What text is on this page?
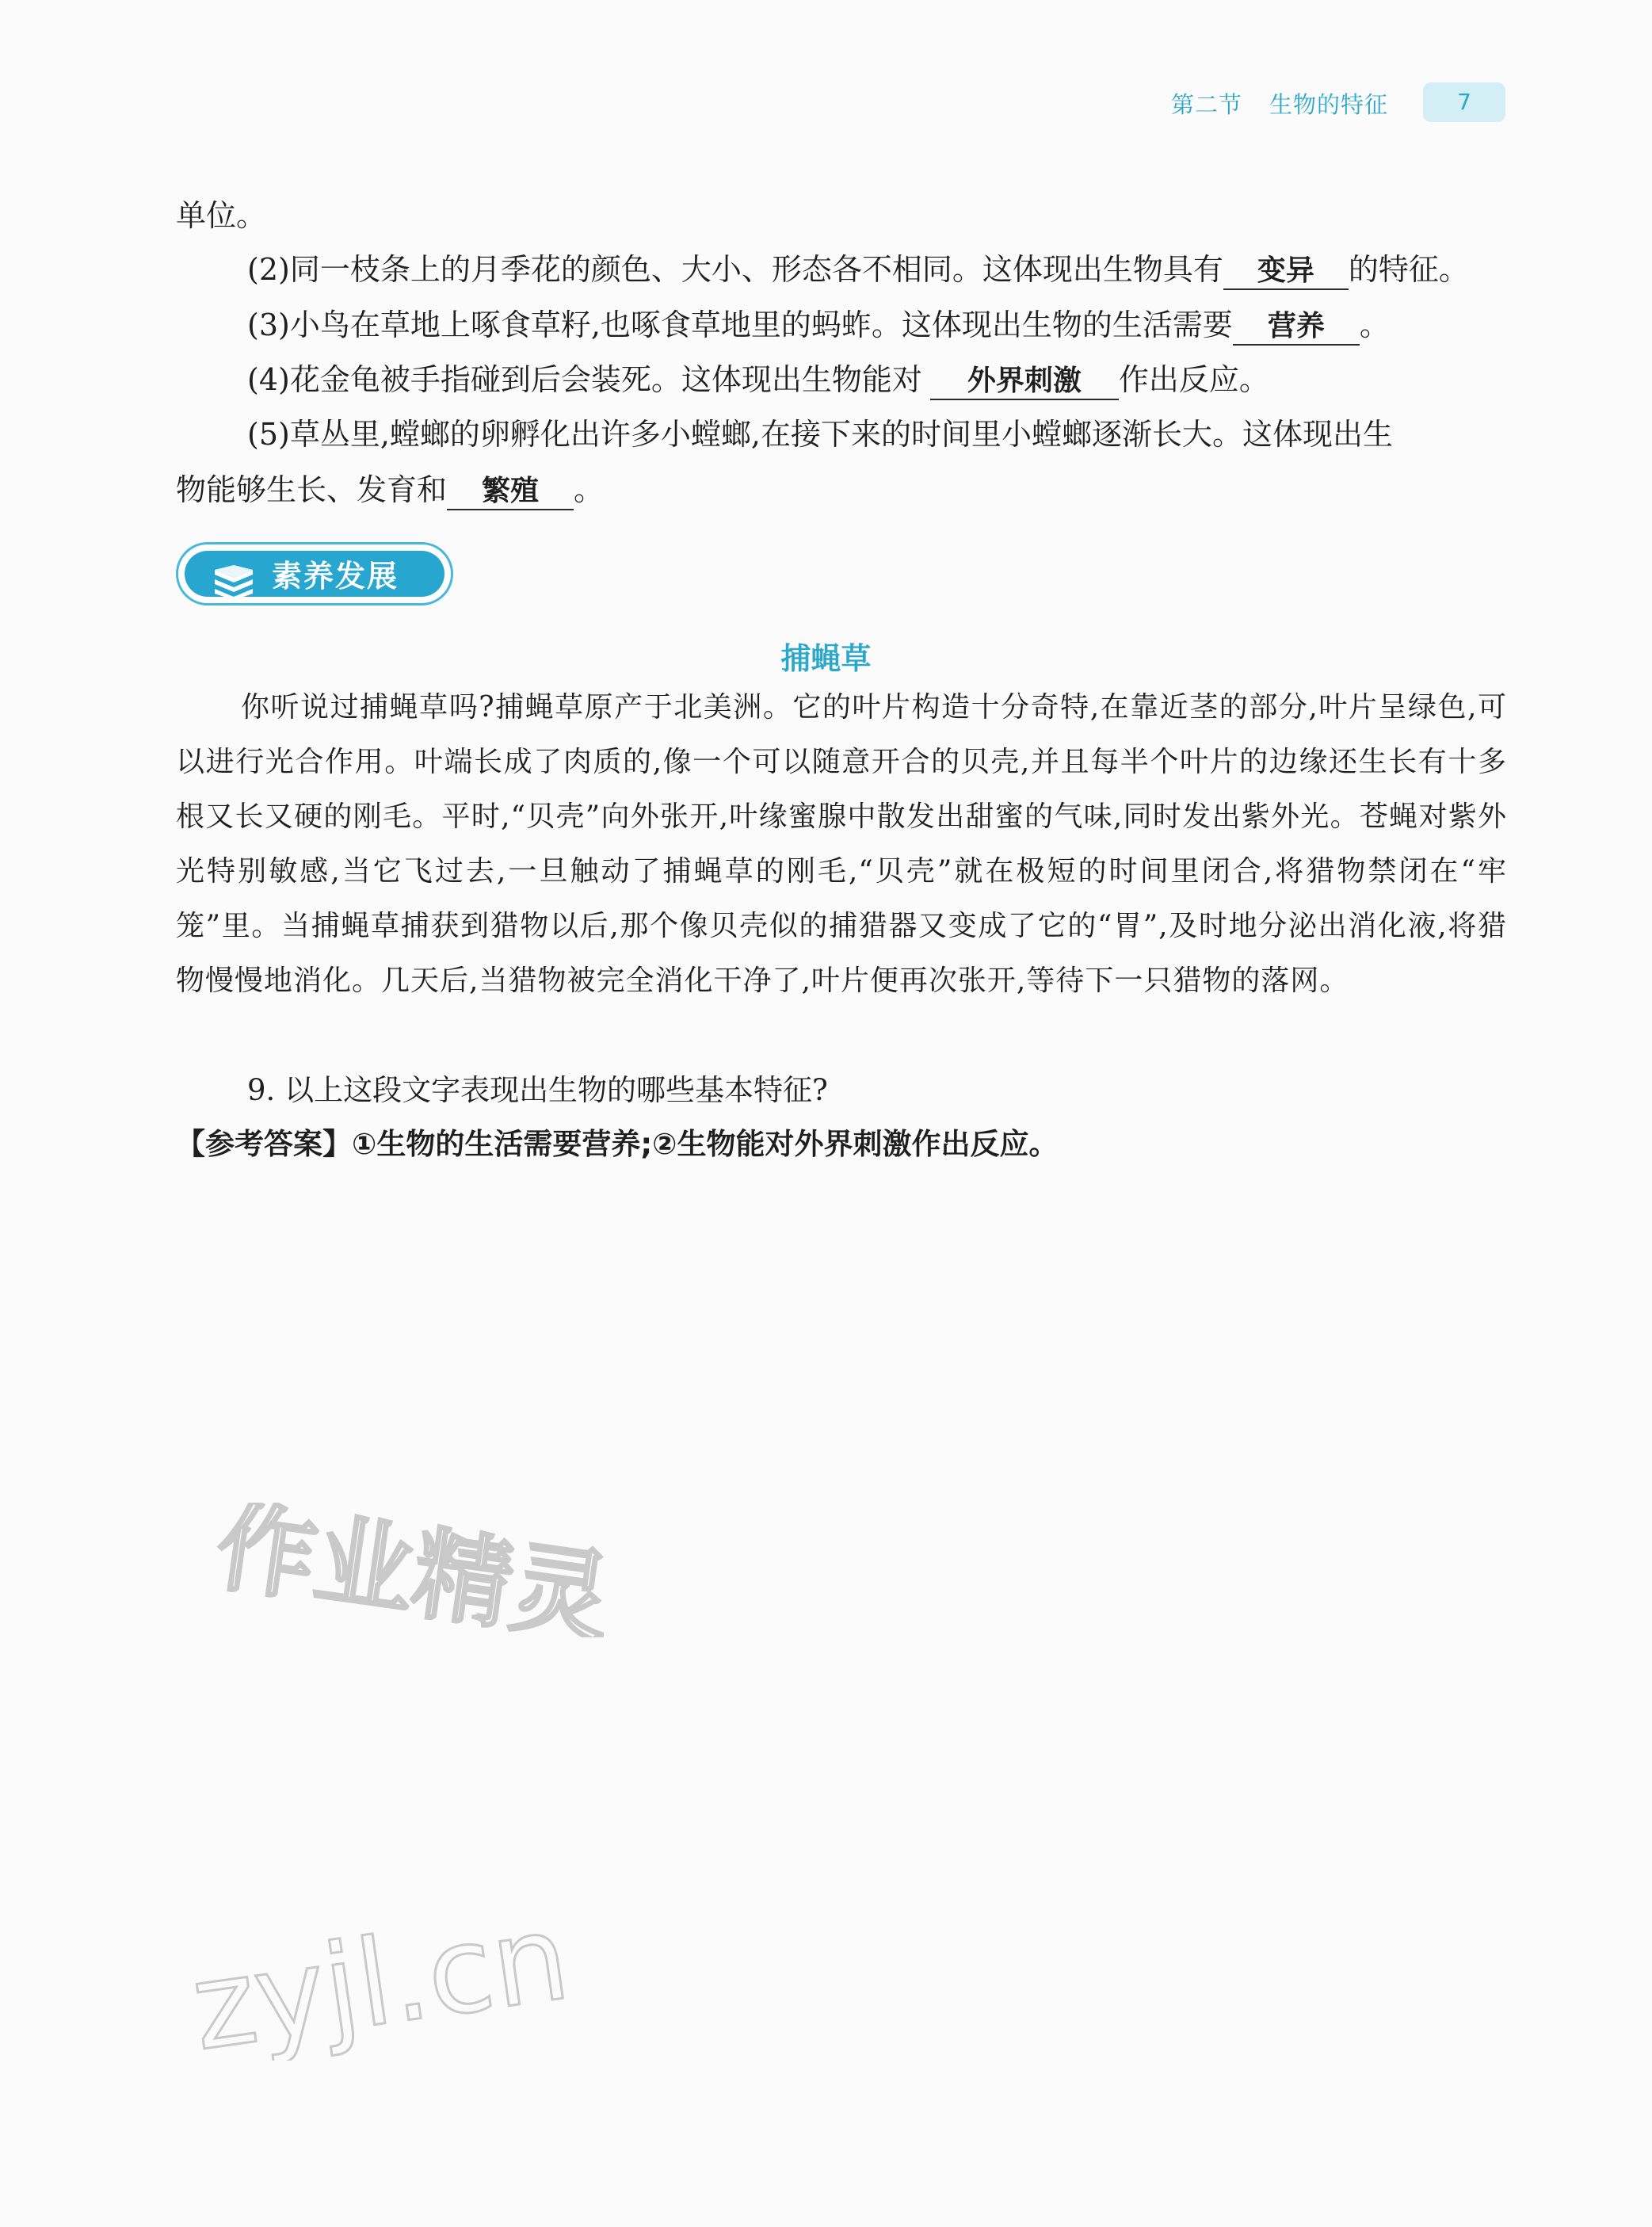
第二节 生物的特征	7
单位。
(2)同一枝条上的月季花的颜色、大小、形态各不相同。这体现出生物具有 变异 的特征。
(3)小鸟在草地上啄食草籽,也啄食草地里的蚂蚱。这体现出生物的生活需要 营养 。
(4)花金龟被手指碰到后会装死。这体现出生物能对 外界刺激 作出反应。
(5)草丛里,螳螂的卵孵化出许多小螳螂,在接下来的时间里小螳螂逐渐长大。这体现出生
物能够生长、发育和 繁殖 。
素养发展
捕蝇草
你听说过捕蝇草吗?捕蝇草原产于北美洲。它的叶片构造十分奇特,在靠近茎的部分,叶片呈绿色,可以进行光合作用。叶端长成了肉质的,像一个可以随意开合的贝壳,并且每半个叶片的边缘还生长有十多根又长又硬的刚毛。平时,“贝壳”向外张开,叶缘蜜腺中散发出甜蜜的气味,同时发出紫外光。苍蝇对紫外光特别敏感,当它飞过去,一旦触动了捕蝇草的刚毛,“贝壳”就在极短的时间里闭合,将猎物禁闭在“牢笼”里。当捕蝇草捕获到猎物以后,那个像贝壳似的捕猎器又变成了它的“胃”,及时地分泌出消化液,将猎物慢慢地消化。几天后,当猎物被完全消化干净了,叶片便再次张开,等待下一只猎物的落网。
9. 以上这段文字表现出生物的哪些基本特征?
【参考答案】①生物的生活需要营养;②生物能对外界刺激作出反应。
作业精灵
zyjl.cn
